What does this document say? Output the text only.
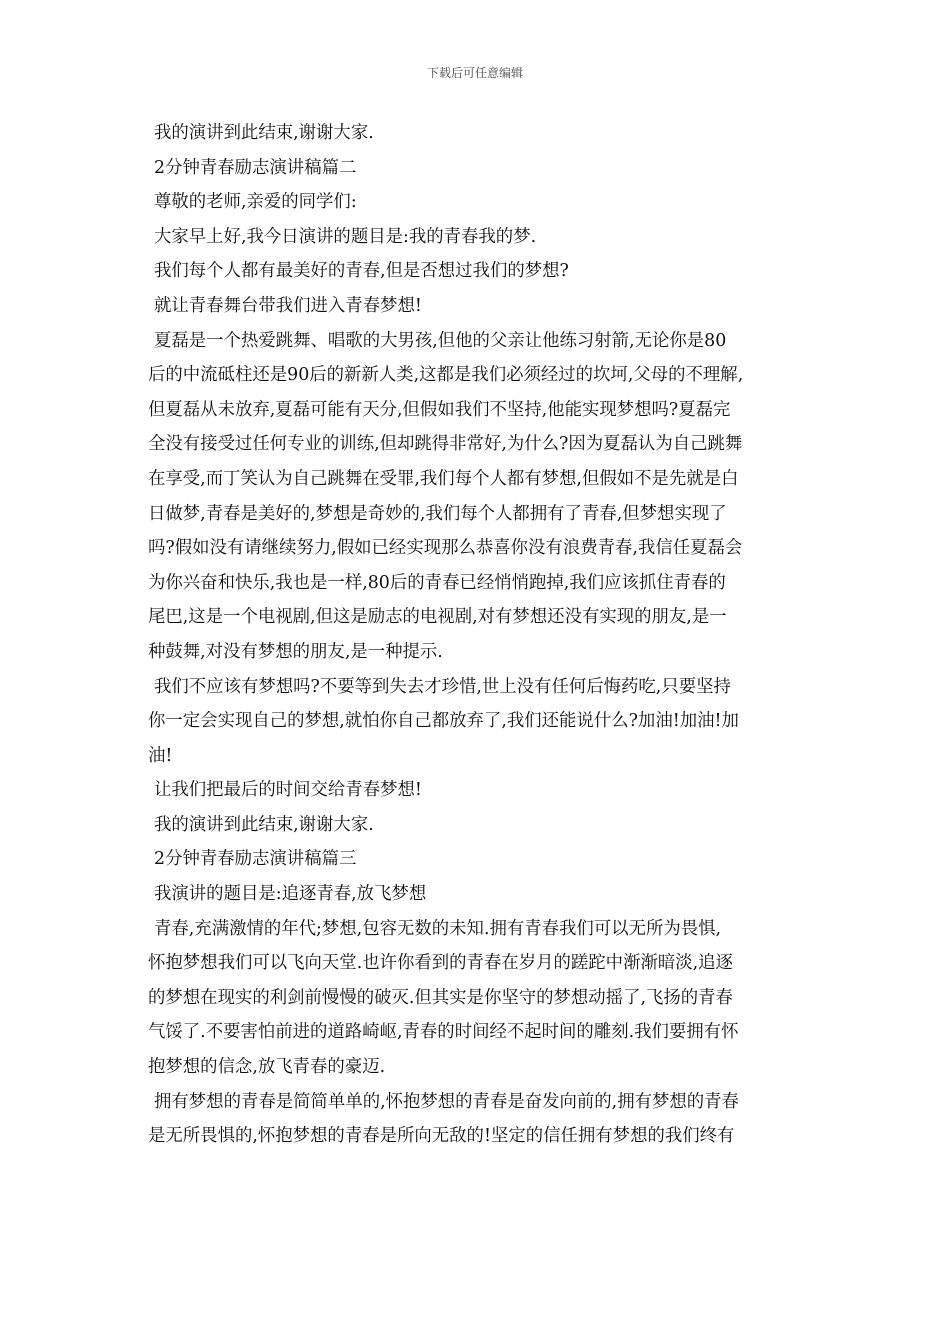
下载后可任意编辑
我的演讲到此结束,谢谢大家.
2分钟青春励志演讲稿篇二
尊敬的老师,亲爱的同学们:
大家早上好,我今日演讲的题目是:我的青春我的梦.
我们每个人都有最美好的青春,但是否想过我们的梦想?
就让青春舞台带我们进入青春梦想!
夏磊是一个热爱跳舞、唱歌的大男孩,但他的父亲让他练习射箭,无论你是80
后的中流砥柱还是90后的新新人类,这都是我们必须经过的坎坷,父母的不理解,
但夏磊从未放弃,夏磊可能有天分,但假如我们不坚持,他能实现梦想吗?夏磊完
全没有接受过任何专业的训练,但却跳得非常好,为什么?因为夏磊认为自己跳舞
在享受,而丁笑认为自己跳舞在受罪,我们每个人都有梦想,但假如不是先就是白
日做梦,青春是美好的,梦想是奇妙的,我们每个人都拥有了青春,但梦想实现了
吗?假如没有请继续努力,假如已经实现那么恭喜你没有浪费青春,我信任夏磊会
为你兴奋和快乐,我也是一样,80后的青春已经悄悄跑掉,我们应该抓住青春的
尾巴,这是一个电视剧,但这是励志的电视剧,对有梦想还没有实现的朋友,是一
种鼓舞,对没有梦想的朋友,是一种提示.
我们不应该有梦想吗?不要等到失去才珍惜,世上没有任何后悔药吃,只要坚持
你一定会实现自己的梦想,就怕你自己都放弃了,我们还能说什么?加油!加油!加
油!
让我们把最后的时间交给青春梦想!
我的演讲到此结束,谢谢大家.
2分钟青春励志演讲稿篇三
我演讲的题目是:追逐青春,放飞梦想
青春,充满激情的年代;梦想,包容无数的未知.拥有青春我们可以无所为畏惧,
怀抱梦想我们可以飞向天堂.也许你看到的青春在岁月的蹉跎中渐渐暗淡,追逐
的梦想在现实的利剑前慢慢的破灭.但其实是你坚守的梦想动摇了,飞扬的青春
气馁了.不要害怕前进的道路崎岖,青春的时间经不起时间的雕刻.我们要拥有怀
抱梦想的信念,放飞青春的豪迈.
拥有梦想的青春是简简单单的,怀抱梦想的青春是奋发向前的,拥有梦想的青春
是无所畏惧的,怀抱梦想的青春是所向无敌的!坚定的信任拥有梦想的我们终有
